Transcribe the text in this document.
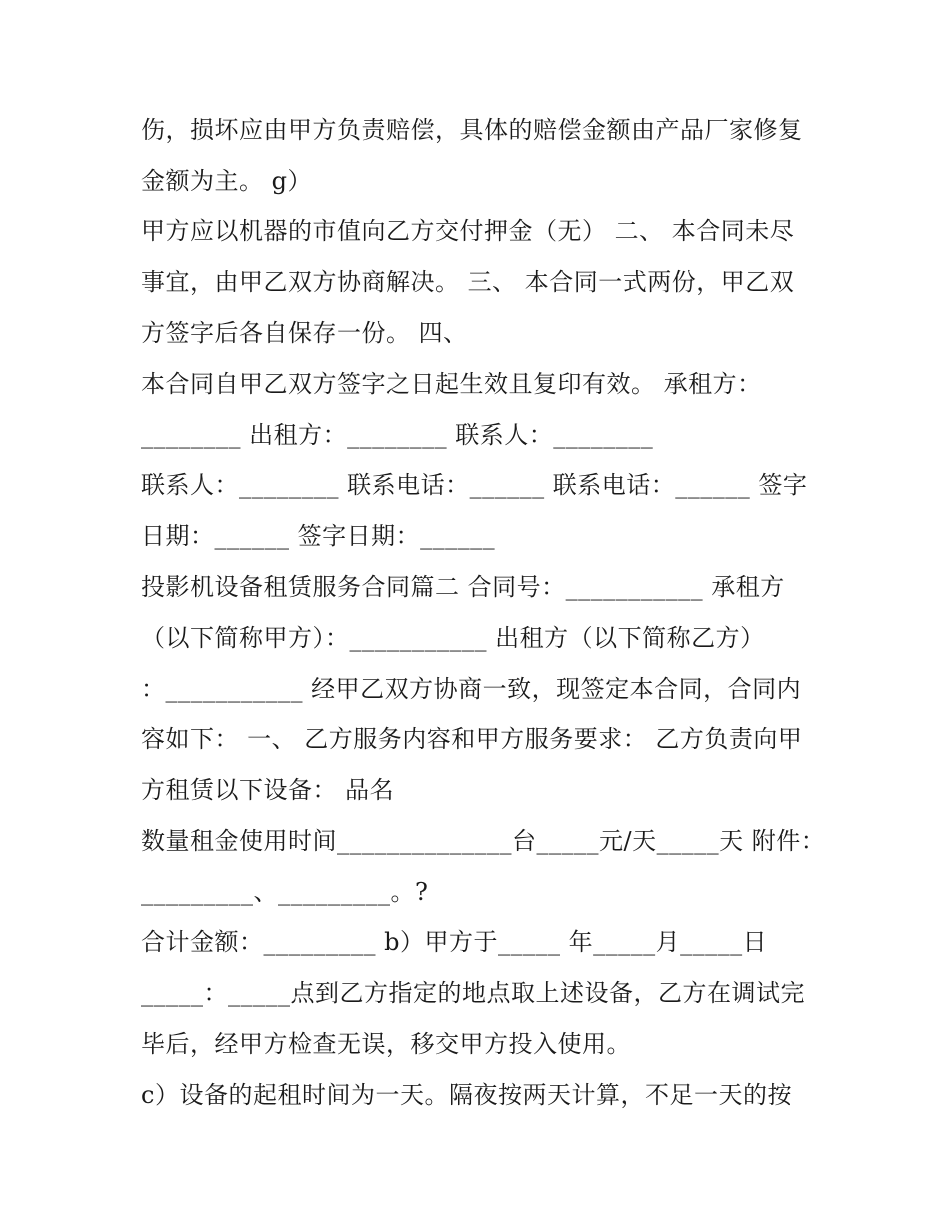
伤，损坏应由甲方负责赔偿，具体的赔偿金额由产品厂家修复
金额为主。 g）
甲方应以机器的市值向乙方交付押金（无） 二、 本合同未尽
事宜，由甲乙双方协商解决。 三、 本合同一式两份，甲乙双
方签字后各自保存一份。 四、
本合同自甲乙双方签字之日起生效且复印有效。 承租方：
________ 出租方：________ 联系人：________
联系人：________ 联系电话：______ 联系电话：______ 签字
日期：______ 签字日期：______
投影机设备租赁服务合同篇二 合同号：___________ 承租方
（以下简称甲方）：___________ 出租方（以下简称乙方）
：___________ 经甲乙双方协商一致，现签定本合同，合同内
容如下： 一、 乙方服务内容和甲方服务要求： 乙方负责向甲
方租赁以下设备： 品名
数量租金使用时间______________台_____元/天_____天 附件：
_________、_________。?
合计金额：_________ b）甲方于_____ 年_____月_____日
_____：_____点到乙方指定的地点取上述设备，乙方在调试完
毕后，经甲方检查无误，移交甲方投入使用。
c）设备的起租时间为一天。隔夜按两天计算，不足一天的按
